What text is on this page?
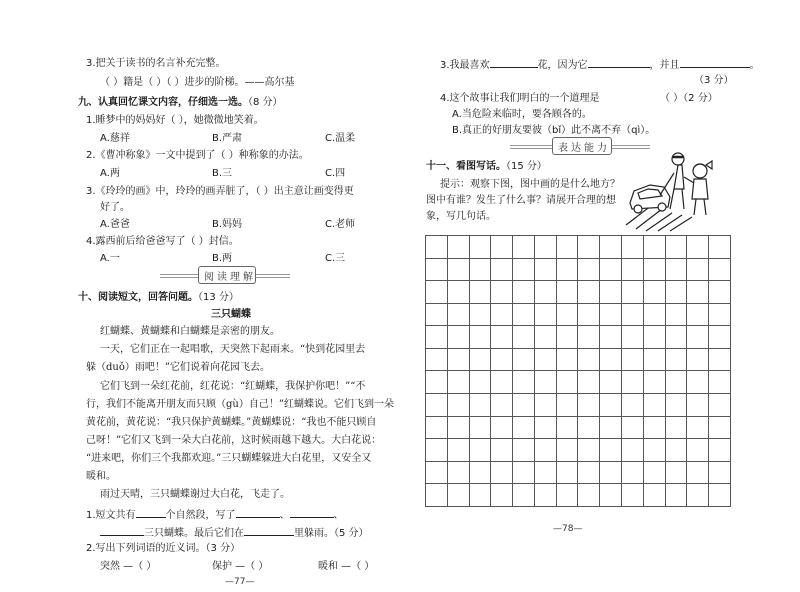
3.把关于读书的名言补充完整。
（ ）籍是（ ）（ ）进步的阶梯。——高尔基
九、认真回忆课文内容，仔细选一选。（8 分）
1.睡梦中的妈妈好（ ），她微微地笑着。
A.慈祥	B.严肃	C.温柔
2.《曹冲称象》一文中提到了（ ）种称象的办法。
A.两	B.三	C.四
3.《玲玲的画》中，玲玲的画弄脏了，（ ）出主意让画变得更
好了。
A.爸爸	B.妈妈	C.老师
4.露西前后给爸爸写了（ ）封信。
A.一	B.两	C.三
阅读理解
十、阅读短文，回答问题。（13 分）
三只蝴蝶
红蝴蝶、黄蝴蝶和白蝴蝶是亲密的朋友。
一天，它们正在一起唱歌，天突然下起雨来。“快到花园里去
躲（duǒ）雨吧！”它们说着向花园飞去。
它们飞到一朵红花前，红花说：“红蝴蝶，我保护你吧！”“不
行，我们不能离开朋友而只顾（gù）自己！”红蝴蝶说。它们飞到一朵
黄花前，黄花说：“我只保护黄蝴蝶。”黄蝴蝶说：“我也不能只顾自
己呀！”它们又飞到一朵大白花前，这时候雨越下越大。大白花说：
“进来吧，你们三个我都欢迎。”三只蝴蝶躲进大白花里，又安全又
暖和。
雨过天晴，三只蝴蝶谢过大白花，飞走了。
1.短文共有	个自然段，写了	、	、
三只蝴蝶。最后它们在	里躲雨。（5 分）
2.写出下列词语的近义词。（3 分）
突然 —（ ）	保护 —（ ）	暖和 —（ ）
—77—
3.我最喜欢	花，因为它	，并且	。
（3 分）
4.这个故事让我们明白的一个道理是	（ ）（2 分）
A.当危险来临时，要各顾各的。
B.真正的好朋友要彼（bǐ）此不离不弃（qì）。
表达能力
十一、看图写话。（15 分）
提示：观察下图，图中画的是什么地方？
图中有谁？发生了什么事？请展开合理的想
象，写几句话。

—78—
